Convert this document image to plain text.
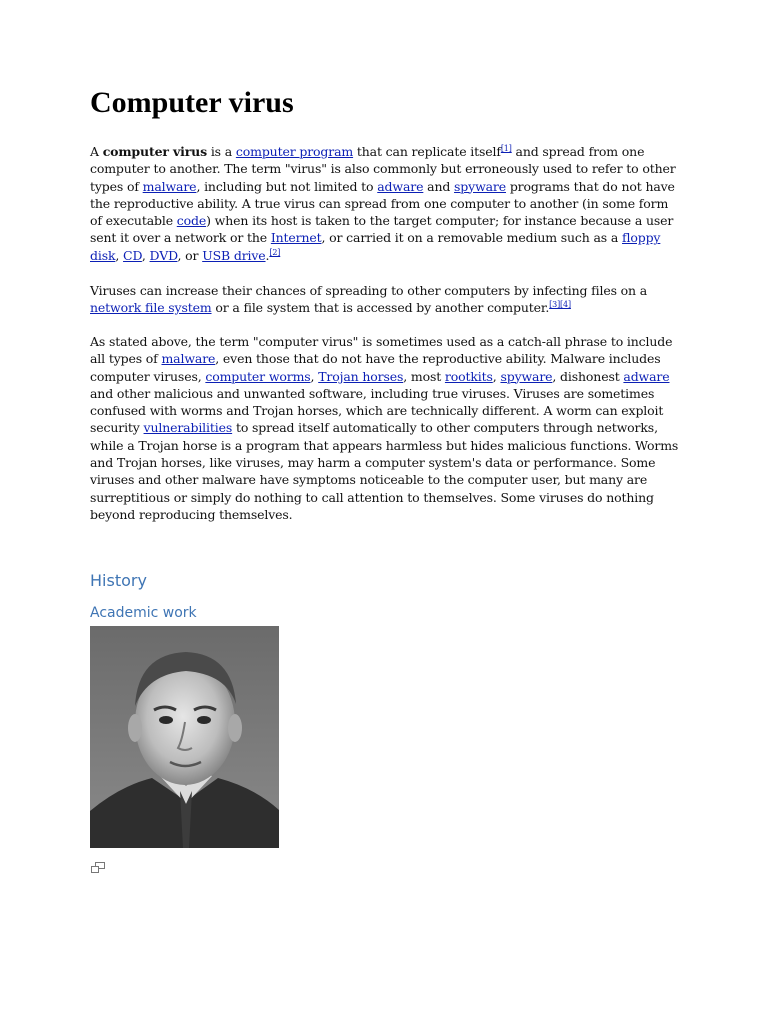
Computer virus

A computer virus is a computer program that can replicate itself[1] and spread from one computer to another. The term "virus" is also commonly but erroneously used to refer to other types of malware, including but not limited to adware and spyware programs that do not have the reproductive ability. A true virus can spread from one computer to another (in some form of executable code) when its host is taken to the target computer; for instance because a user sent it over a network or the Internet, or carried it on a removable medium such as a floppy disk, CD, DVD, or USB drive.[2]

Viruses can increase their chances of spreading to other computers by infecting files on a network file system or a file system that is accessed by another computer.[3][4]

As stated above, the term "computer virus" is sometimes used as a catch-all phrase to include all types of malware, even those that do not have the reproductive ability. Malware includes computer viruses, computer worms, Trojan horses, most rootkits, spyware, dishonest adware and other malicious and unwanted software, including true viruses. Viruses are sometimes confused with worms and Trojan horses, which are technically different. A worm can exploit security vulnerabilities to spread itself automatically to other computers through networks, while a Trojan horse is a program that appears harmless but hides malicious functions. Worms and Trojan horses, like viruses, may harm a computer system's data or performance. Some viruses and other malware have symptoms noticeable to the computer user, but many are surreptitious or simply do nothing to call attention to themselves. Some viruses do nothing beyond reproducing themselves.

History
Academic work
